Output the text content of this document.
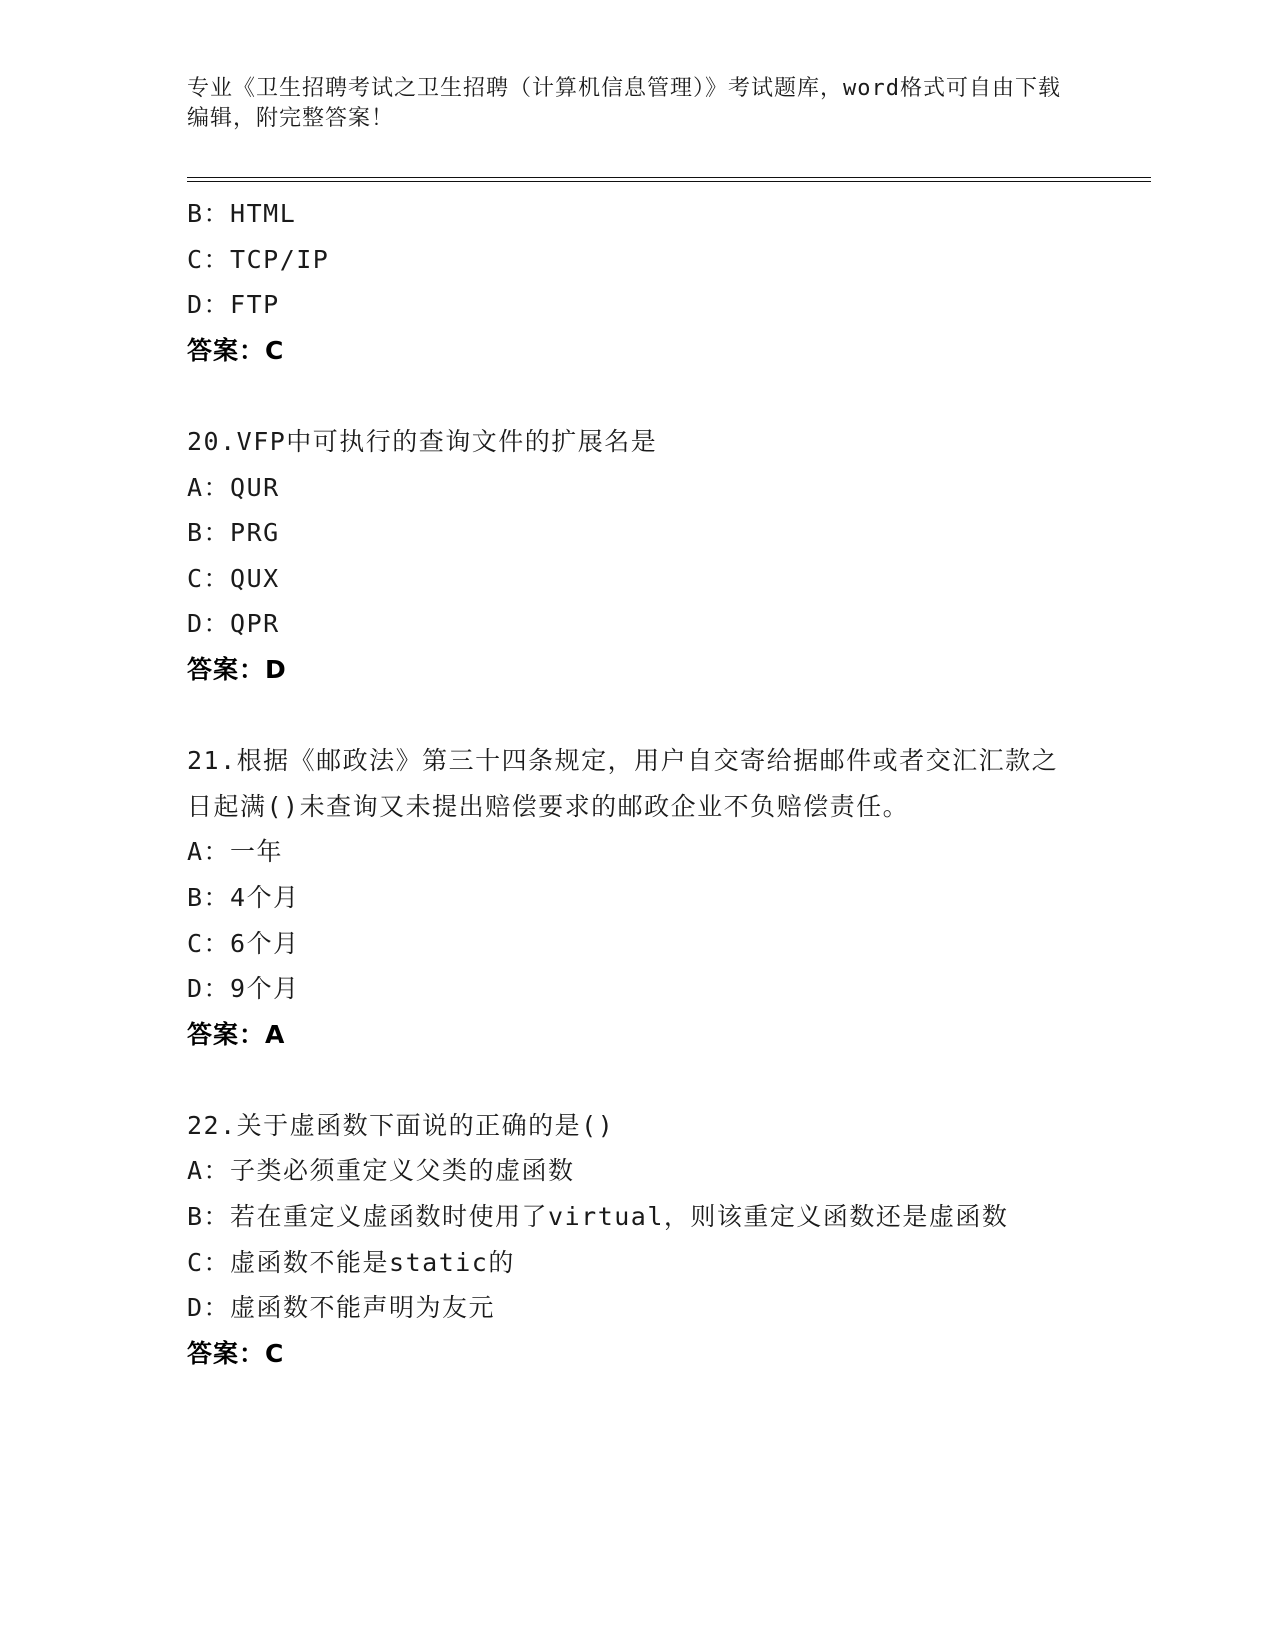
专业《卫生招聘考试之卫生招聘（计算机信息管理）》考试题库，word格式可自由下载编辑，附完整答案！
B：HTML
C：TCP/IP
D：FTP
答案：C
20.VFP中可执行的查询文件的扩展名是
A：QUR
B：PRG
C：QUX
D：QPR
答案：D
21.根据《邮政法》第三十四条规定，用户自交寄给据邮件或者交汇汇款之日起满()未查询又未提出赔偿要求的邮政企业不负赔偿责任。
A：一年
B：4个月
C：6个月
D：9个月
答案：A
22.关于虚函数下面说的正确的是()
A：子类必须重定义父类的虚函数
B：若在重定义虚函数时使用了virtual，则该重定义函数还是虚函数
C：虚函数不能是static的
D：虚函数不能声明为友元
答案：C
